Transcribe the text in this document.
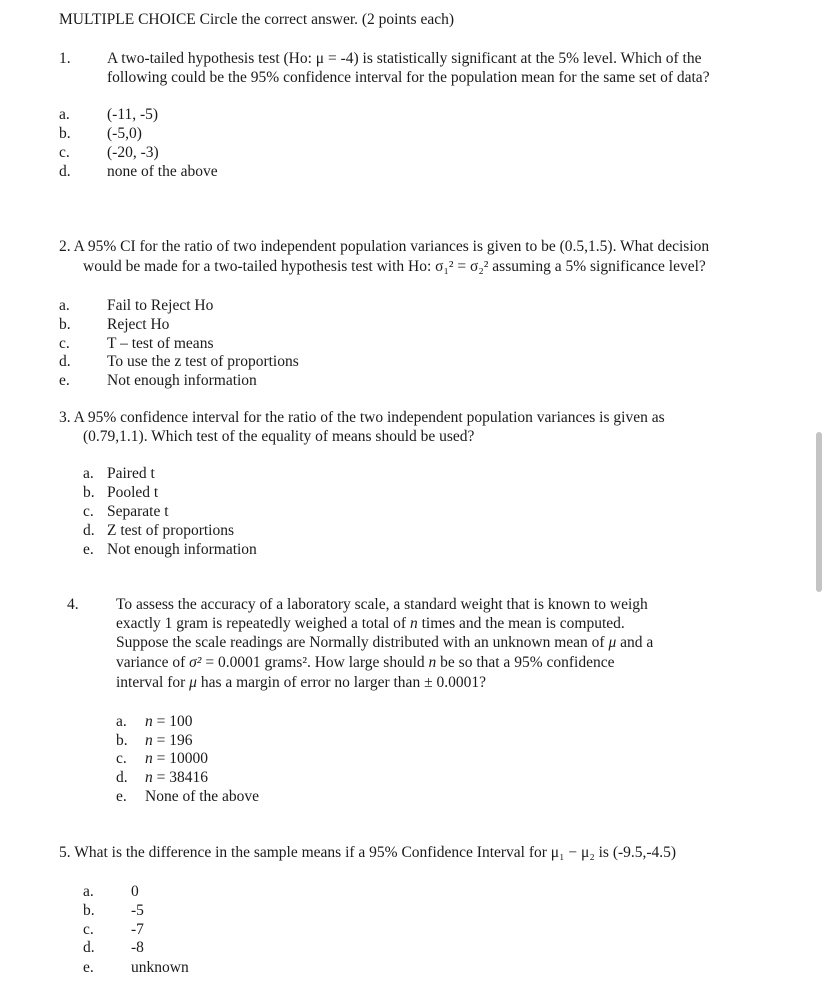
MULTIPLE CHOICE Circle the correct answer. (2 points each)
1. A two-tailed hypothesis test (Ho: μ = -4) is statistically significant at the 5% level. Which of the
following could be the 95% confidence interval for the population mean for the same set of data?
a. (-11, -5)
b. (-5,0)
c. (-20, -3)
d. none of the above
2. A 95% CI for the ratio of two independent population variances is given to be (0.5,1.5). What decision
would be made for a two-tailed hypothesis test with Ho: σ₁² = σ₂² assuming a 5% significance level?
a. Fail to Reject Ho
b. Reject Ho
c. T – test of means
d. To use the z test of proportions
e. Not enough information
3. A 95% confidence interval for the ratio of the two independent population variances is given as
(0.79,1.1). Which test of the equality of means should be used?
a. Paired t
b. Pooled t
c. Separate t
d. Z test of proportions
e. Not enough information
4. To assess the accuracy of a laboratory scale, a standard weight that is known to weigh
exactly 1 gram is repeatedly weighed a total of n times and the mean is computed.
Suppose the scale readings are Normally distributed with an unknown mean of μ and a
variance of σ² = 0.0001 grams². How large should n be so that a 95% confidence
interval for μ has a margin of error no larger than ± 0.0001?
a. n = 100
b. n = 196
c. n = 10000
d. n = 38416
e. None of the above
5. What is the difference in the sample means if a 95% Confidence Interval for μ₁ − μ₂ is (-9.5,-4.5)
a. 0
b. -5
c. -7
d. -8
e. unknown
